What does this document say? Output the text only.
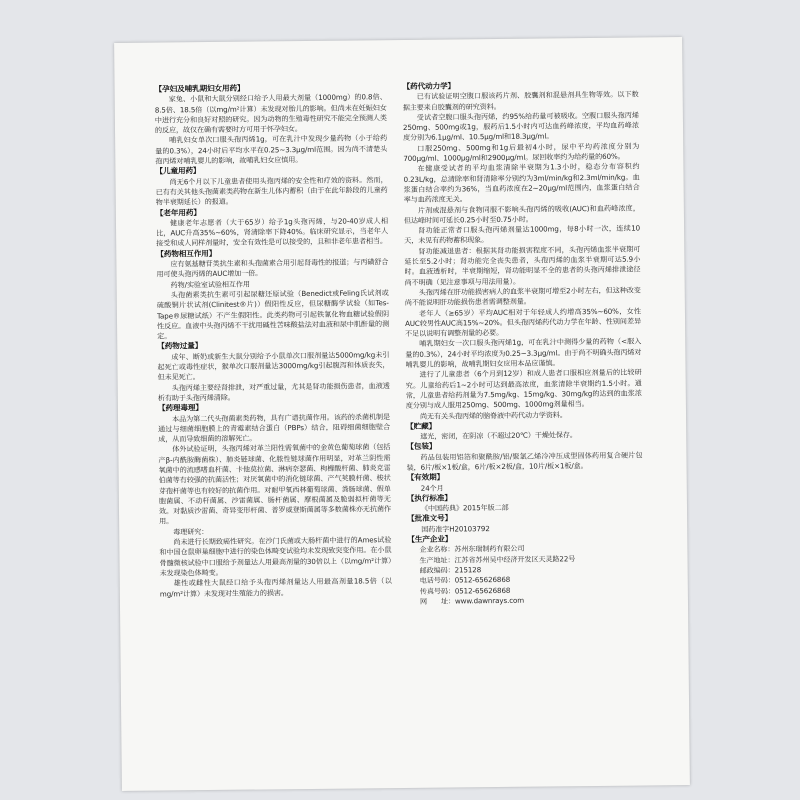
【孕妇及哺乳期妇女用药】

家兔、小鼠和大鼠分别经口给予人用最大剂量（1000mg）的0.8倍、8.5倍、18.5倍（以mg/m²计算）未发现对胎儿的影响。但尚未在妊娠妇女中进行充分和良好对照的研究。因为动物的生殖毒性研究不能完全预测人类的反应，故仅在确有需要时方可用于怀孕妇女。

哺乳妇女单次口服头孢丙烯1g，可在乳汁中发现少量药物（小于给药量的0.3%），24小时后平均水平在0.25~3.3μg/ml范围。因为尚不清楚头孢丙烯对哺乳婴儿的影响，故哺乳妇女应慎用。

【儿童用药】

尚无6个月以下儿童患者使用头孢丙烯的安全性和疗效的资料。然而，已有有关其他头孢菌素类药物在新生儿体内蓄积（由于在此年龄段的儿童药物半衰期延长）的报道。

【老年用药】

健康老年志愿者（大于65岁）给予1g头孢丙烯，与20-40岁成人相比，AUC升高35%~60%，肾清除率下降40%。临床研究显示，当老年人接受和成人同样剂量时，安全有效性是可以接受的，且和非老年患者相当。

【药物相互作用】

应有氨基糖苷类抗生素和头孢菌素合用引起肾毒性的报道；与丙磺舒合用可使头孢丙烯的AUC增加一倍。

药物/实验室试验相互作用

头孢菌素类抗生素可引起尿糖还原试验（Benedict或Feling氏试剂或硫酸铜片状试剂(Clinitest®片)）假阳性反应，但尿糖酶学试验（如Tes-Tape®尿糖试纸）不产生假阳性。此类药物可引起铁氰化物血糖试验假阴性反应。血液中头孢丙烯不干扰用碱性苦味酸盐法对血液和尿中肌酐量的测定。

【药物过量】

成年、断奶或新生大鼠分别给予小鼠单次口服剂量达5000mg/kg未引起死亡或毒性症状，猴单次口服剂量达3000mg/kg引起腹泻和体质丧失，但未见死亡。

头孢丙烯主要经肾排泄，对严重过量，尤其是肾功能损伤患者，血液透析有助于头孢丙烯清除。

【药理毒理】

本品为第二代头孢菌素类药物，具有广谱抗菌作用。该药的杀菌机制是通过与细菌细胞膜上的青霉素结合蛋白（PBPs）结合，阻碍细菌细胞壁合成，从而导致细菌的溶解死亡。

体外试验证明，头孢丙烯对革兰阳性需氧菌中的金黄色葡萄球菌（包括产β-内酰胺酶菌株）、肺炎链球菌、化脓性链球菌作用明显，对革兰阴性需氧菌中的流感嗜血杆菌、卡他莫拉菌、淋病奈瑟菌、枸橼酸杆菌、肺炎克雷伯菌等有较强的抗菌活性；对厌氧菌中的消化链球菌、产气荚膜杆菌、梭状芽孢杆菌等也有较好的抗菌作用。对耐甲氧西林葡萄球菌、粪肠球菌、假单胞菌属、不动杆菌属、沙雷菌属、肠杆菌属、摩根菌属及脆弱拟杆菌等无效。对黏质沙雷菌、奇异变形杆菌、普罗威登斯菌属等多数菌株亦无抗菌作用。

毒理研究：

尚未进行长期致癌性研究。在沙门氏菌或大肠杆菌中进行的Ames试验和中国仓鼠卵巢细胞中进行的染色体畸变试验均未发现致突变作用。在小鼠骨髓微核试验中口服给予剂量达人用最高剂量的30倍以上（以mg/m²计算）未发现染色体畸变。

雄性或雌性大鼠经口给予头孢丙烯剂量达人用最高剂量18.5倍（以mg/m²计算）未发现对生殖能力的损害。

【药代动力学】

已有试验证明空腹口服该药片剂、胶囊剂和混悬剂具生物等效。以下数据主要来自胶囊剂的研究资料。

受试者空腹口服头孢丙烯，约95%给药量可被吸收。空腹口服头孢丙烯250mg、500mg或1g，服药后1.5小时内可达血药峰浓度，平均血药峰浓度分别为6.1μg/ml、10.5μg/ml和18.3μg/ml。

口服250mg、500mg和1g后最初4小时，尿中平均药浓度分别为700μg/ml、1000μg/ml和2900μg/ml。尿回收率约为给药量的60%。

在健康受试者的平均血浆清除半衰期为1.3小时，稳态分布容积约0.23L/kg，总清除率和肾清除率分别约为3ml/min/kg和2.3ml/min/kg。血浆蛋白结合率约为36%，当血药浓度在2~20μg/ml范围内，血浆蛋白结合率与血药浓度无关。

片剂或混悬剂与食物同服不影响头孢丙烯的吸收(AUC)和血药峰浓度，但达峰时间可延长0.25小时至0.75小时。

肾功能正常者口服头孢丙烯剂量达1000mg，每8小时一次，连续10天，未见有药物蓄积现象。

肾功能减退患者：根据其肾功能损害程度不同，头孢丙烯血浆半衰期可延长至5.2小时；肾功能完全丧失患者，头孢丙烯的血浆半衰期可达5.9小时。血液透析时，半衰期缩短，肾功能明显不全的患者的头孢丙烯排泄途径尚不明确（见注意事项与用法用量）。

头孢丙烯在肝功能损害病人的血浆半衰期可增至2小时左右，但这种改变尚不能说明肝功能损伤患者需调整剂量。

老年人（≥65岁）平均AUC相对于年轻成人约增高35%~60%，女性AUC较男性AUC高15%~20%。但头孢丙烯药代动力学在年龄、性别间差异不足以说明有调整剂量的必要。

哺乳期妇女一次口服头孢丙烯1g，可在乳汁中测得少量的药物（<服入量的0.3%），24小时平均浓度为0.25~3.3μg/ml。由于尚不明确头孢丙烯对哺乳婴儿的影响，故哺乳期妇女应用本品应谨慎。

进行了儿童患者（6个月到12岁）和成人患者口服相应剂量后的比较研究。儿童给药后1~2小时可达到最高浓度，血浆清除半衰期约1.5小时。通常，儿童患者给药剂量为7.5mg/kg、15mg/kg、30mg/kg的达到的血浆浓度分别与成人服用250mg、500mg、1000mg剂量相当。

尚无有关头孢丙烯的脑脊液中药代动力学资料。

【贮藏】

遮光，密闭，在阴凉（不超过20℃）干燥处保存。

【包装】

药品包装用铝箔和聚酰胺/铝/聚氯乙烯冷冲压成型固体药用复合硬片包装，6片/板×1板/盒，6片/板×2板/盒，10片/板×1板/盒。

【有效期】

24个月

【执行标准】

《中国药典》2015年版二部

【批准文号】

国药准字H20103792

【生产企业】

企业名称：苏州东瑞制药有限公司

生产地址：江苏省苏州吴中经济开发区天灵路22号

邮政编码：215128

电话号码：0512-65626868

传真号码：0512-65626868

网　　址：www.dawnrays.com
